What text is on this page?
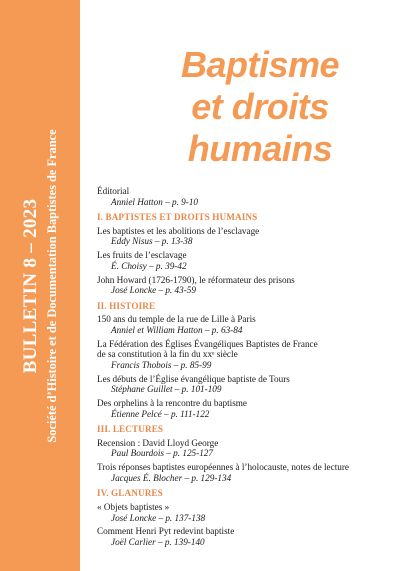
BULLETIN 8 – 2023 Société d’Histoire et de Documentation Baptistes de France
Baptisme
et droits humains
Éditorial
Anniel Hatton – p. 9-10
I. BAPTISTES ET DROITS HUMAINS
Les baptistes et les abolitions de l’esclavage
Eddy Nisus – p. 13-38
Les fruits de l’esclavage
É. Choisy – p. 39-42
John Howard (1726-1790), le réformateur des prisons
José Loncke – p. 43-59
II. HISTOIRE
150 ans du temple de la rue de Lille à Paris
Anniel et William Hatton – p. 63-84
La Fédération des Églises Évangéliques Baptistes de France
de sa constitution à la fin du xxᵉ siècle
Francis Thobois – p. 85-99
Les débuts de l’Église évangélique baptiste de Tours
Stéphane Guillet – p. 101-109
Des orphelins à la rencontre du baptisme
Étienne Pelcé – p. 111-122
III. LECTURES
Recension : David Lloyd George
Paul Bourdois – p. 125-127
Trois réponses baptistes européennes à l’holocauste, notes de lecture
Jacques É. Blocher – p. 129-134
IV. GLANURES
« Objets baptistes »
José Loncke – p. 137-138
Comment Henri Pyt redevint baptiste
Joël Carlier – p. 139-140
